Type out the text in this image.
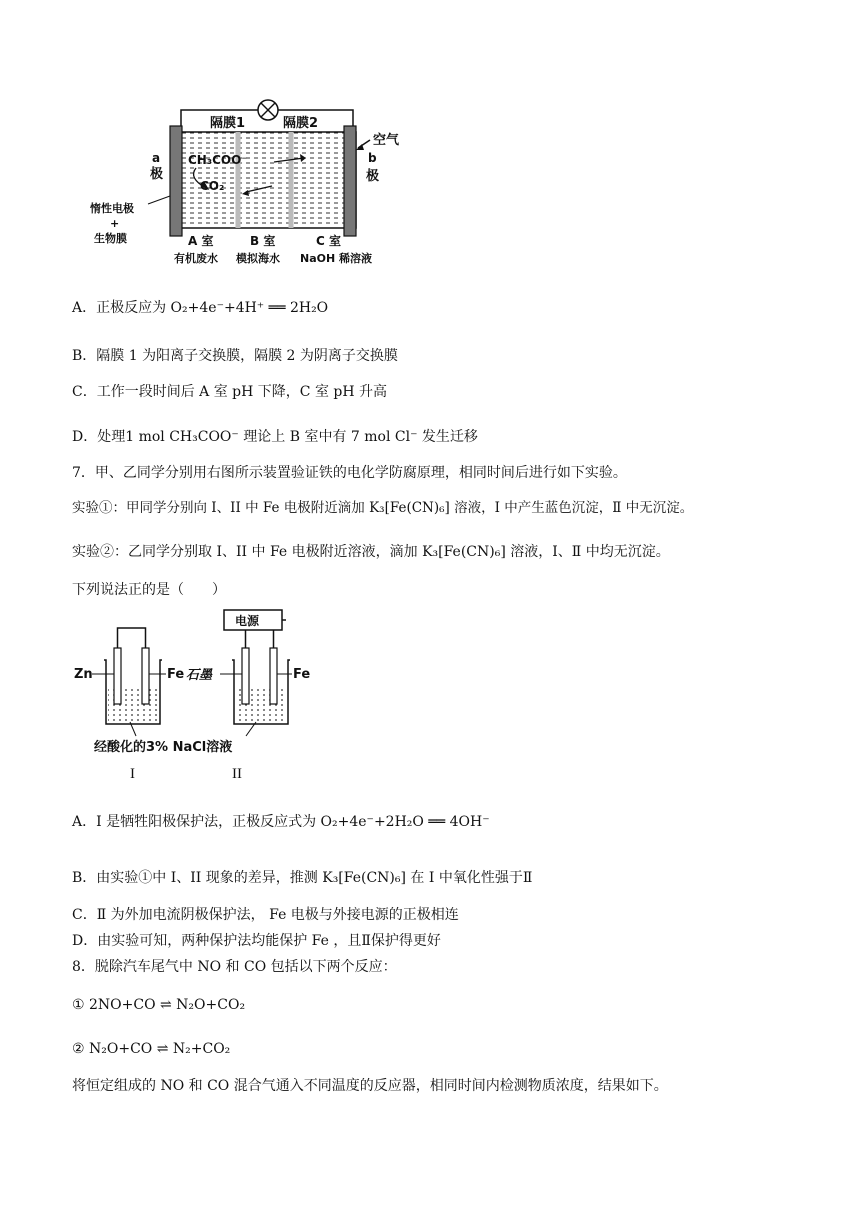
隔膜1	隔膜2
空气
a
极
b
极
CH₃COO⁻
CO₂
惰性电极
+
生物膜	A 室	B 室	C 室
有机废水 模拟海水 NaOH 稀溶液
A．正极反应为 O₂+4e⁻+4H⁺ ══ 2H₂O
B．隔膜 1 为阳离子交换膜，隔膜 2 为阴离子交换膜
C．工作一段时间后 A 室 pH 下降，C 室 pH 升高
D．处理1 mol CH₃COO⁻ 理论上 B 室中有 7 mol Cl⁻ 发生迁移
7．甲、乙同学分别用右图所示装置验证铁的电化学防腐原理，相同时间后进行如下实验。
实验①：甲同学分别向 I、II 中 Fe 电极附近滴加 K₃[Fe(CN)₆] 溶液，I 中产生蓝色沉淀，Ⅱ 中无沉淀。
实验②：乙同学分别取 I、II 中 Fe 电极附近溶液，滴加 K₃[Fe(CN)₆] 溶液，I、Ⅱ 中均无沉淀。
下列说法正的是（　　）
电源
Zn	Fe 石墨	Fe
经酸化的3% NaCl溶液
I	II
A．I 是牺牲阳极保护法，正极反应式为 O₂+4e⁻+2H₂O ══ 4OH⁻
B．由实验①中 I、II 现象的差异，推测 K₃[Fe(CN)₆] 在 I 中氧化性强于Ⅱ
C．Ⅱ 为外加电流阴极保护法， Fe 电极与外接电源的正极相连
D．由实验可知，两种保护法均能保护 Fe ，且Ⅱ保护得更好
8．脱除汽车尾气中 NO 和 CO 包括以下两个反应：
① 2NO+CO ⇌ N₂O+CO₂
② N₂O+CO ⇌ N₂+CO₂
将恒定组成的 NO 和 CO 混合气通入不同温度的反应器，相同时间内检测物质浓度，结果如下。
